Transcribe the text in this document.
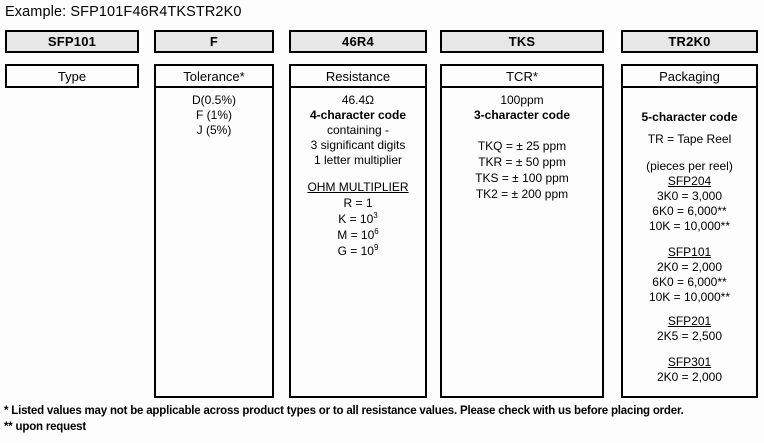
Example: SFP101F46R4TKSTR2K0
SFP101
Type
F
Tolerance*
D(0.5%)
F (1%)
J (5%)
46R4
Resistance
46.4Ω
4-character code
containing -
3 significant digits
1 letter multiplier
OHM MULTIPLIER
R = 1
$K = 10^3$
$M = 10^6$
$G = 10^9$
TKS
TCR*
100ppm
3-character code
TKQ = ± 25 ppm
TKR = ± 50 ppm
TKS = ± 100 ppm
TK2 = ± 200 ppm
TR2K0
Packaging
5-character code
TR = Tape Reel
(pieces per reel)
SFP204
3K0 = 3,000
6K0 = 6,000**
10K = 10,000**
SFP101
2K0 = 2,000
6K0 = 6,000**
10K = 10,000**
SFP201
2K5 = 2,500
SFP301
2K0 = 2,000
* Listed values may not be applicable across product types or to all resistance values. Please check with us before placing order.
** upon request
